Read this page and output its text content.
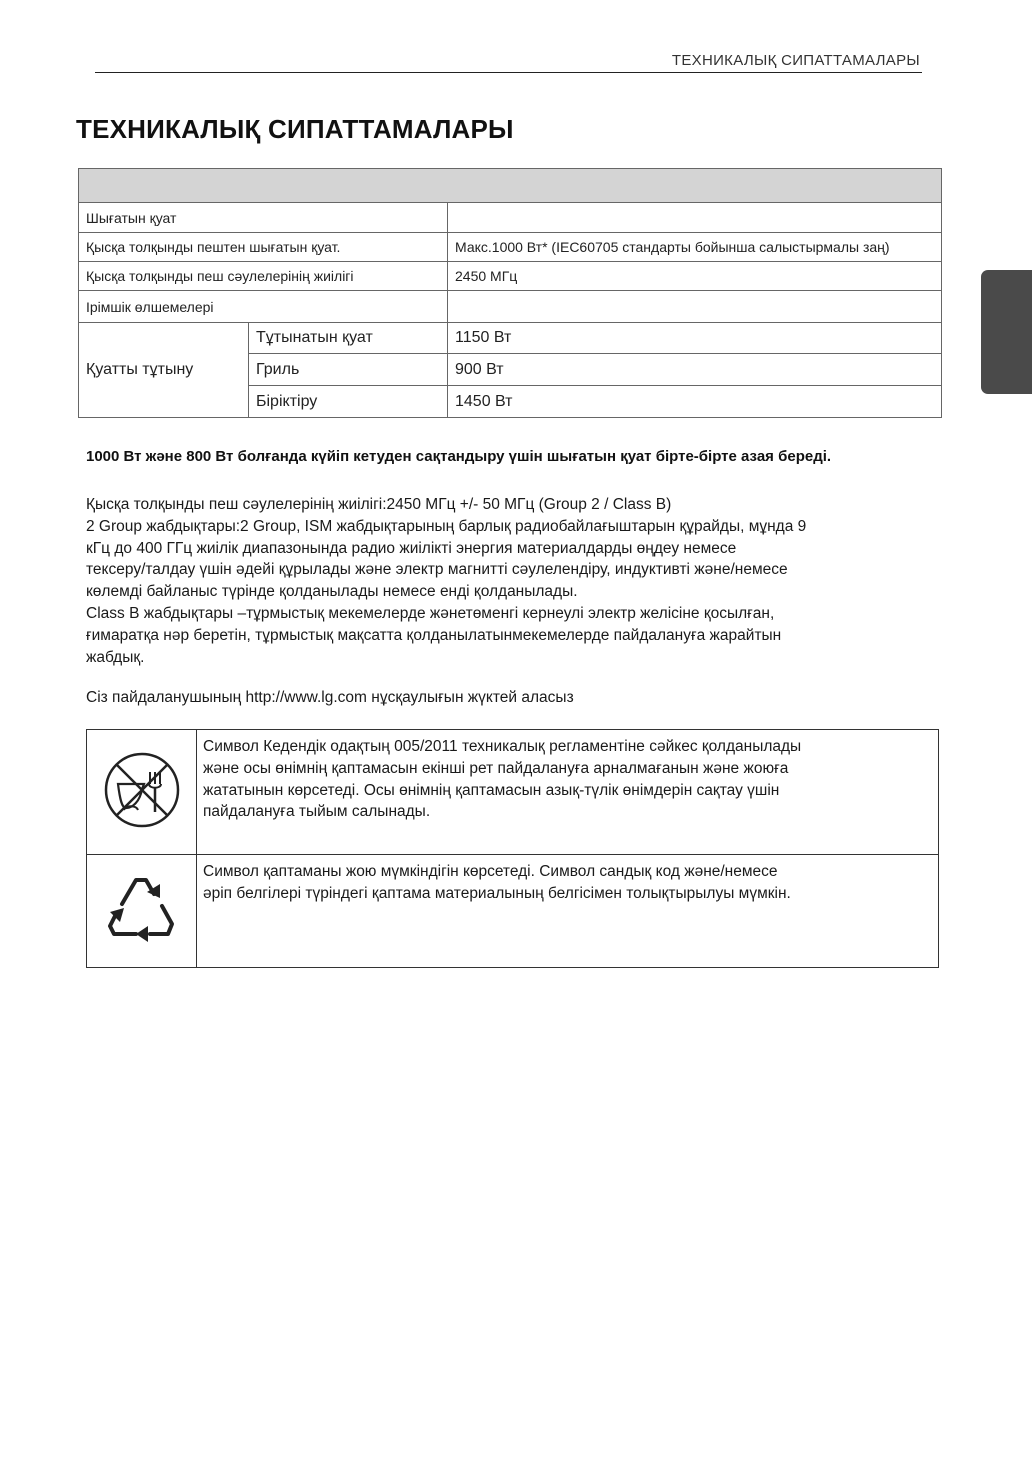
ТЕХНИКАЛЫҚ СИПАТТАМАЛАРЫ
ТЕХНИКАЛЫҚ СИПАТТАМАЛАРЫ

Шығатын қуат		
Қысқа толқынды пештен шығатын қуат.		Макс.1000 Вт* (IEC60705 стандарты бойынша салыстырмалы заң)
Қысқа толқынды пеш сәулелерінің жиілігі		2450 МГц
Ірімшік өлшемелері		
Қуатты тұтыну	Тұтынатын қуат	1150 Вт
	Гриль	900 Вт
	Біріктіру	1450 Вт
1000 Вт және 800 Вт болғанда күйіп кетуден сақтандыру үшін шығатын қуат бірте-бірте азая береді.

Қысқа толқынды пеш сәулелерінің жиілігі:2450 МГц +/- 50 МГц (Group 2 / Class B)
2 Group жабдықтары:2 Group, ISM жабдықтарының барлық радиобайлағыштарын құрайды, мұнда 9
кГц до 400 ГГц жиілік диапазонында радио жиілікті энергия материалдарды өңдеу немесе
тексеру/талдау үшін әдейі құрылады және электр магнитті сәулелендіру, индуктивті және/немесе
көлемді байланыс түрінде қолданылады немесе енді қолданылады.
Class B жабдықтары –тұрмыстық мекемелерде жәнетөменгі кернеулі электр желісіне қосылған,
ғимаратқа нәр беретін, тұрмыстық мақсатта қолданылатынмекемелерде пайдалануға жарайтын
жабдық.

Сіз пайдаланушының http://www.lg.com нұсқаулығын жүктей аласыз

Символ Кедендік одақтың 005/2011 техникалық регламентіне сәйкес қолданылады
және осы өнімнің қаптамасын екінші рет пайдалануға арналмағанын және жоюға
жататынын көрсетеді. Осы өнімнің қаптамасын азық-түлік өнімдерін сақтау үшін
пайдалануға тыйым салынады.

Символ қаптаманы жою мүмкіндігін көрсетеді. Символ сандық код және/немесе
әріп белгілері түріндегі қаптама материалының белгісімен толықтырылуы мүмкін.
